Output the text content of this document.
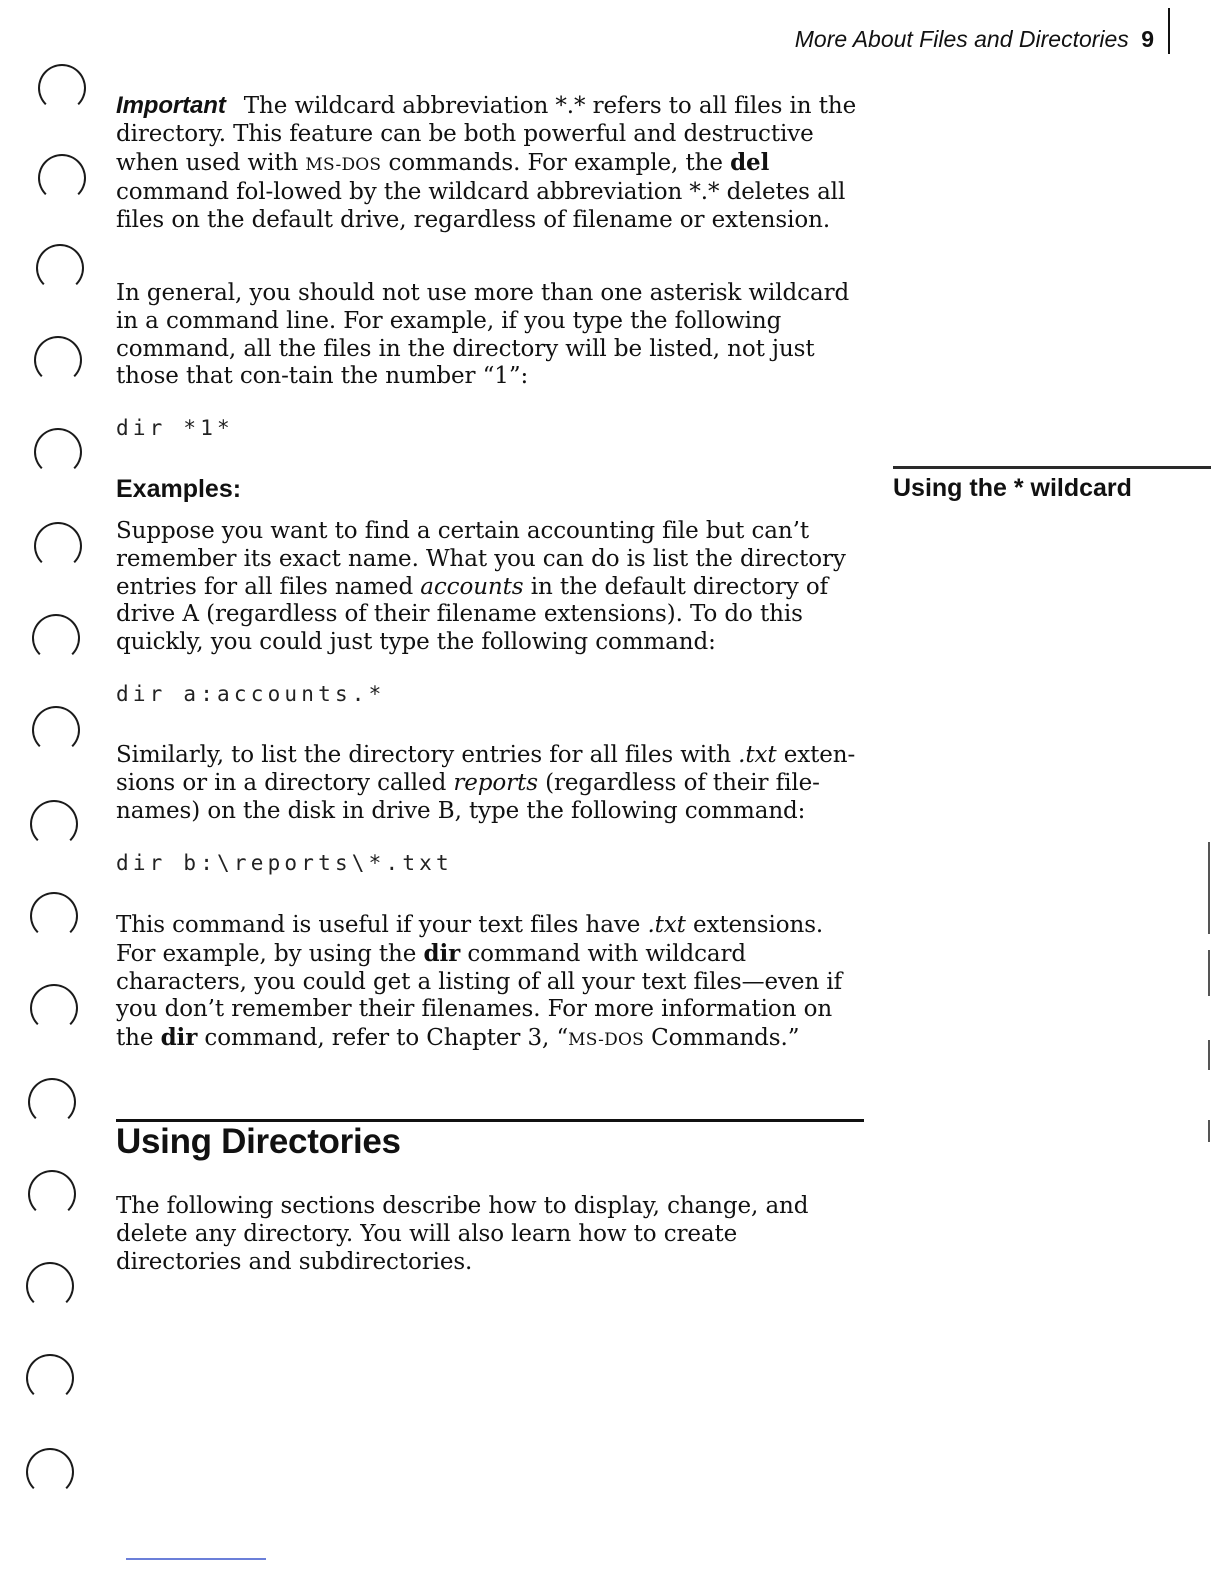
More About Files and Directories 9

Important The wildcard abbreviation *.* refers to all files in the directory. This feature can be both powerful and destructive when used with MS-DOS commands. For example, the del command fol-lowed by the wildcard abbreviation *.* deletes all files on the default drive, regardless of filename or extension.

In general, you should not use more than one asterisk wildcard in a command line. For example, if you type the following command, all the files in the directory will be listed, not just those that con-tain the number “1”:

dir *1*

Examples:	Using the * wildcard

Suppose you want to find a certain accounting file but can’t remember its exact name. What you can do is list the directory entries for all files named accounts in the default directory of drive A (regardless of their filename extensions). To do this quickly, you could just type the following command:

dir a:accounts.*

Similarly, to list the directory entries for all files with .txt exten-sions or in a directory called reports (regardless of their file-names) on the disk in drive B, type the following command:

dir b:\reports\*.txt

This command is useful if your text files have .txt extensions. For example, by using the dir command with wildcard characters, you could get a listing of all your text files—even if you don’t remember their filenames. For more information on the dir command, refer to Chapter 3, “MS-DOS Commands.”

Using Directories

The following sections describe how to display, change, and delete any directory. You will also learn how to create directories and subdirectories.
